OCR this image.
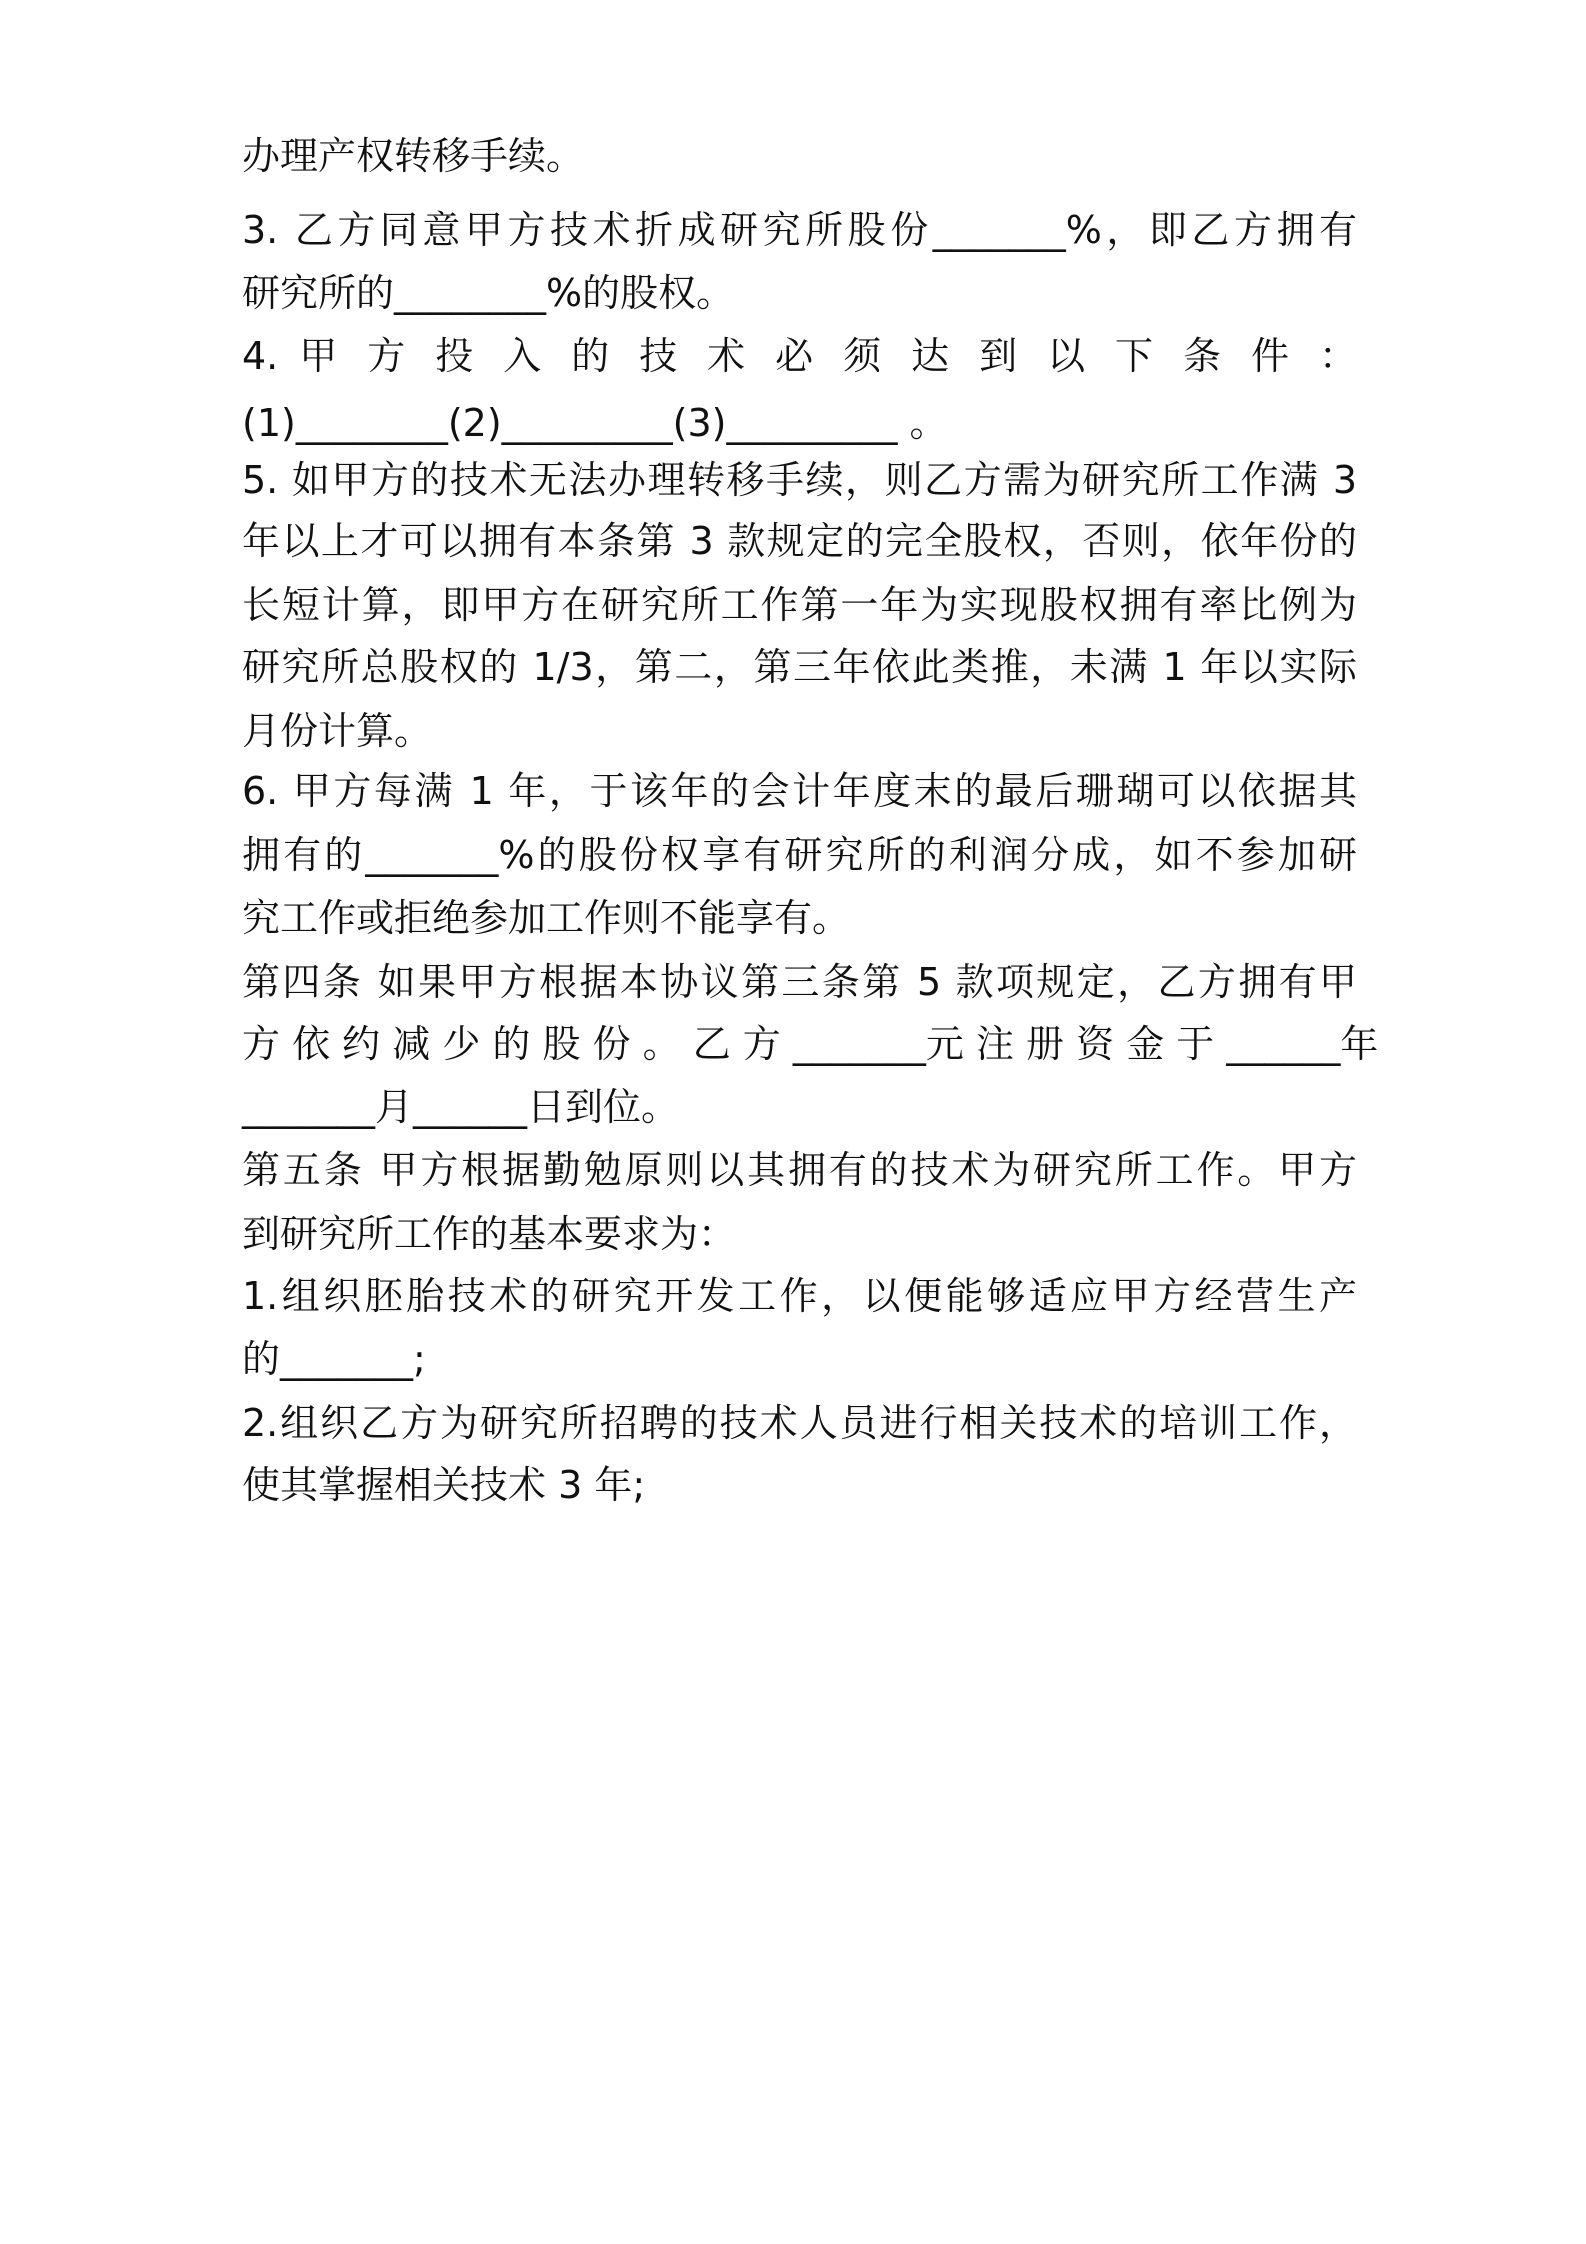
办理产权转移手续。
3. 乙方同意甲方技术折成研究所股份_______%，即乙方拥有
研究所的________%的股权。
4. 甲 方 投 入 的 技 术 必 须 达 到 以 下 条 件 ：
(1)________(2)_________(3)_________ 。
5. 如甲方的技术无法办理转移手续，则乙方需为研究所工作满 3
年以上才可以拥有本条第 3 款规定的完全股权，否则，依年份的
长短计算，即甲方在研究所工作第一年为实现股权拥有率比例为
研究所总股权的 1/3，第二，第三年依此类推，未满 1 年以实际
月份计算。
6. 甲方每满 1 年，于该年的会计年度末的最后珊瑚可以依据其
拥有的_______%的股份权享有研究所的利润分成，如不参加研
究工作或拒绝参加工作则不能享有。
第四条 如果甲方根据本协议第三条第 5 款项规定，乙方拥有甲
方 依 约 减 少 的 股 份 。 乙 方 _______元 注 册 资 金 于 ______年
_______月______日到位。
第五条 甲方根据勤勉原则以其拥有的技术为研究所工作。甲方
到研究所工作的基本要求为：
1.组织胚胎技术的研究开发工作，以便能够适应甲方经营生产
的_______;
2.组织乙方为研究所招聘的技术人员进行相关技术的培训工作，
使其掌握相关技术 3 年;
